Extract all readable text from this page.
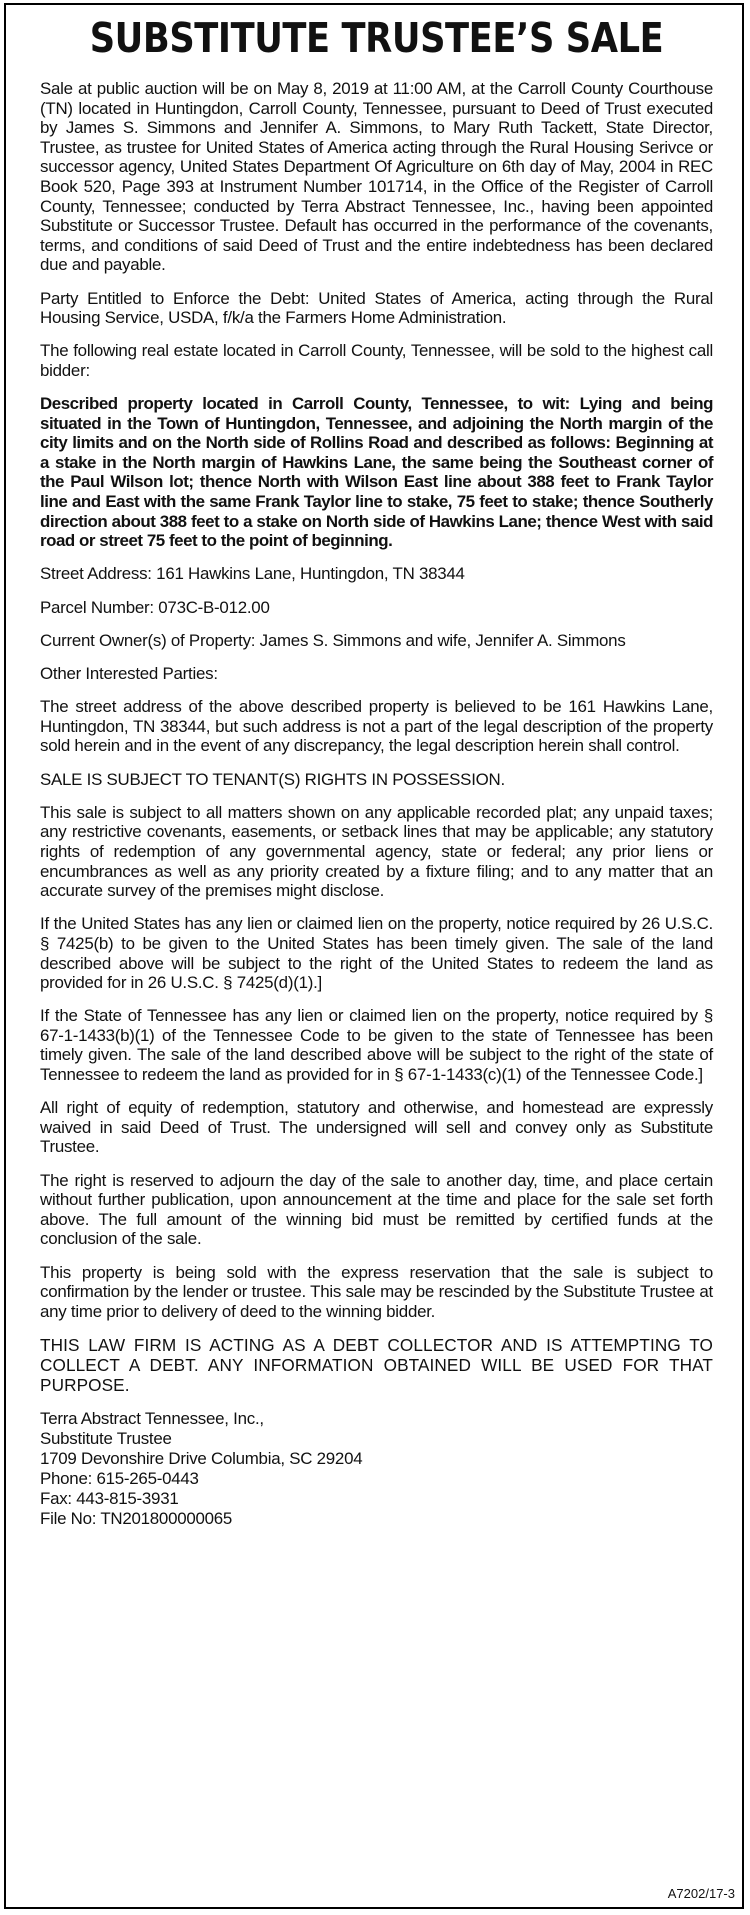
SUBSTITUTE TRUSTEE’S SALE

Sale at public auction will be on May 8, 2019 at 11:00 AM, at the Carroll County Courthouse (TN) located in Huntingdon, Carroll County, Tennessee, pursuant to Deed of Trust executed by James S. Simmons and Jennifer A. Simmons, to Mary Ruth Tackett, State Director, Trustee, as trustee for United States of America acting through the Rural Housing Serivce or successor agency, United States Department Of Agriculture on 6th day of May, 2004 in REC Book 520, Page 393 at Instrument Number 101714, in the Office of the Register of Carroll County, Tennessee; conducted by Terra Abstract Tennessee, Inc., having been appointed Substitute or Successor Trustee. Default has occurred in the performance of the covenants, terms, and conditions of said Deed of Trust and the entire indebtedness has been declared due and payable.

Party Entitled to Enforce the Debt: United States of America, acting through the Rural Housing Service, USDA, f/k/a the Farmers Home Administration.

The following real estate located in Carroll County, Tennessee, will be sold to the highest call bidder:

Described property located in Carroll County, Tennessee, to wit: Lying and being situated in the Town of Huntingdon, Tennessee, and adjoining the North margin of the city limits and on the North side of Rollins Road and described as follows: Beginning at a stake in the North margin of Hawkins Lane, the same being the Southeast corner of the Paul Wilson lot; thence North with Wilson East line about 388 feet to Frank Taylor line and East with the same Frank Taylor line to stake, 75 feet to stake; thence Southerly direction about 388 feet to a stake on North side of Hawkins Lane; thence West with said road or street 75 feet to the point of beginning.

Street Address: 161 Hawkins Lane, Huntingdon, TN 38344

Parcel Number: 073C-B-012.00

Current Owner(s) of Property: James S. Simmons and wife, Jennifer A. Simmons

Other Interested Parties:

The street address of the above described property is believed to be 161 Hawkins Lane, Huntingdon, TN 38344, but such address is not a part of the legal description of the property sold herein and in the event of any discrepancy, the legal description herein shall control.

SALE IS SUBJECT TO TENANT(S) RIGHTS IN POSSESSION.

This sale is subject to all matters shown on any applicable recorded plat; any unpaid taxes; any restrictive covenants, easements, or setback lines that may be applicable; any statutory rights of redemption of any governmental agency, state or federal; any prior liens or encumbrances as well as any priority created by a fixture filing; and to any matter that an accurate survey of the premises might disclose.

If the United States has any lien or claimed lien on the property, notice required by 26 U.S.C. § 7425(b) to be given to the United States has been timely given. The sale of the land described above will be subject to the right of the United States to redeem the land as provided for in 26 U.S.C. § 7425(d)(1).]

If the State of Tennessee has any lien or claimed lien on the property, notice required by § 67-1-1433(b)(1) of the Tennessee Code to be given to the state of Tennessee has been timely given. The sale of the land described above will be subject to the right of the state of Tennessee to redeem the land as provided for in § 67-1-1433(c)(1) of the Tennessee Code.]

All right of equity of redemption, statutory and otherwise, and homestead are expressly waived in said Deed of Trust. The undersigned will sell and convey only as Substitute Trustee.

The right is reserved to adjourn the day of the sale to another day, time, and place certain without further publication, upon announcement at the time and place for the sale set forth above. The full amount of the winning bid must be remitted by certified funds at the conclusion of the sale.

This property is being sold with the express reservation that the sale is subject to confirmation by the lender or trustee. This sale may be rescinded by the Substitute Trustee at any time prior to delivery of deed to the winning bidder.

THIS LAW FIRM IS ACTING AS A DEBT COLLECTOR AND IS ATTEMPTING TO COLLECT A DEBT. ANY INFORMATION OBTAINED WILL BE USED FOR THAT PURPOSE.

Terra Abstract Tennessee, Inc.,
Substitute Trustee
1709 Devonshire Drive Columbia, SC 29204
Phone: 615-265-0443
Fax: 443-815-3931
File No: TN201800000065
A7202/17-3
